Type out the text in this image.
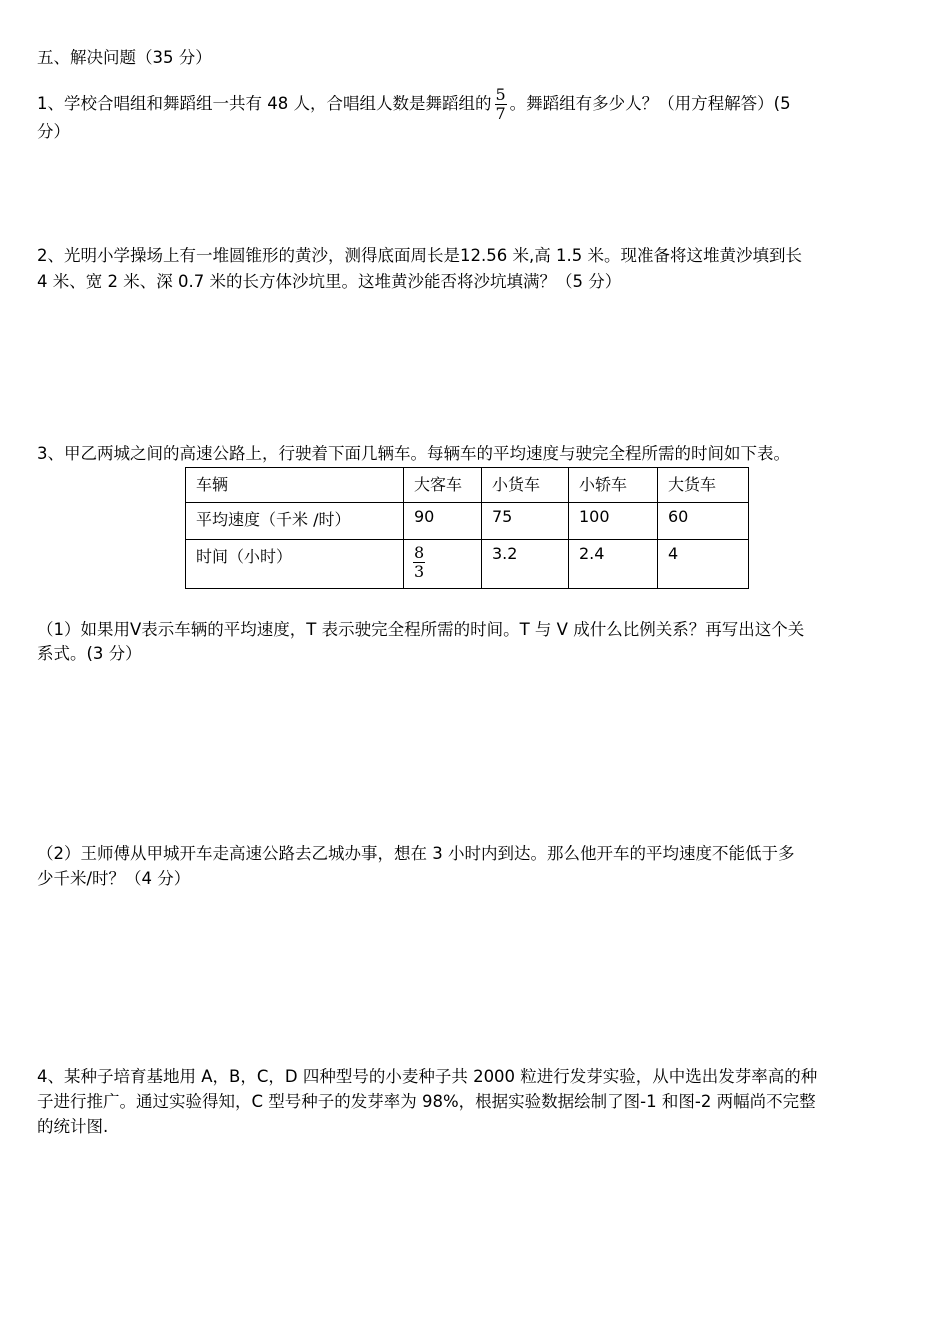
五、解决问题（35 分）
1、学校合唱组和舞蹈组一共有 48 人，合唱组人数是舞蹈组的 $\frac{5}{7}$ 。舞蹈组有多少人？（用方程解答）(5
分）
2、光明小学操场上有一堆圆锥形的黄沙，测得底面周长是12.56 米,高 1.5 米。现准备将这堆黄沙填到长
4 米、宽 2 米、深 0.7 米的长方体沙坑里。这堆黄沙能否将沙坑填满？（5 分）
3、甲乙两城之间的高速公路上，行驶着下面几辆车。每辆车的平均速度与驶完全程所需的时间如下表。
车辆	大客车	小货车	小轿车	大货车
平均速度（千米 /时）	90	75	100	60
时间（小时）	$\frac{8}{3}$	3.2	2.4	4
（1）如果用Ⅴ表示车辆的平均速度，T 表示驶完全程所需的时间。T 与 V 成什么比例关系？再写出这个关
系式。(3 分）
（2）王师傅从甲城开车走高速公路去乙城办事，想在 3 小时内到达。那么他开车的平均速度不能低于多
少千米/时？（4 分）
4、某种子培育基地用 A，B，C，D 四种型号的小麦种子共 2000 粒进行发芽实验，从中选出发芽率高的种
子进行推广。通过实验得知，C 型号种子的发芽率为 98%，根据实验数据绘制了图-1 和图-2 两幅尚不完整
的统计图.
